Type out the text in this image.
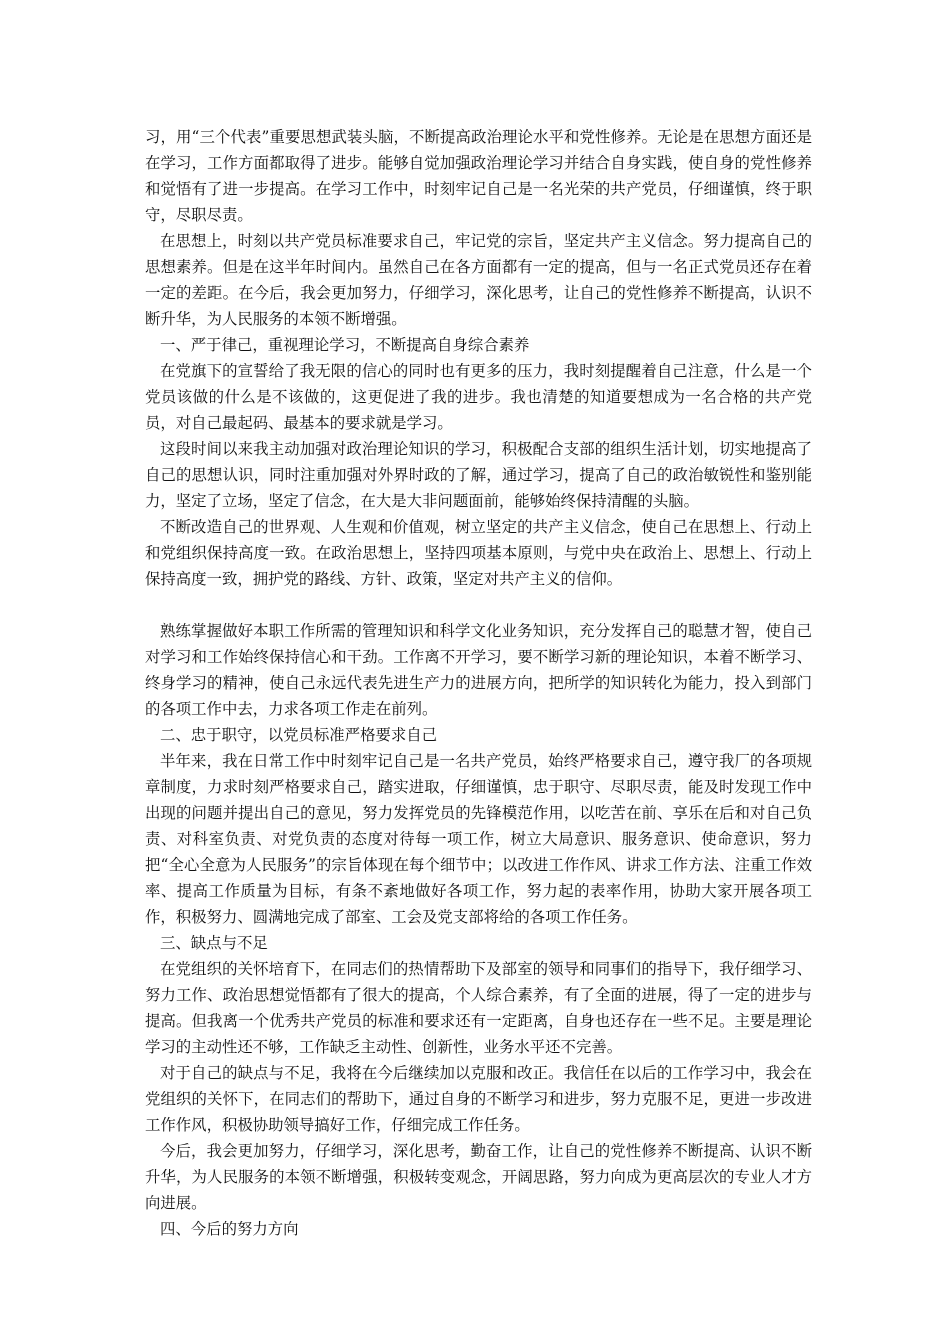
习，用“三个代表”重要思想武装头脑，不断提高政治理论水平和党性修养。无论是在思想方面还是在学习，工作方面都取得了进步。能够自觉加强政治理论学习并结合自身实践，使自身的党性修养和觉悟有了进一步提高。在学习工作中，时刻牢记自己是一名光荣的共产党员，仔细谨慎，终于职守，尽职尽责。

在思想上，时刻以共产党员标准要求自己，牢记党的宗旨，坚定共产主义信念。努力提高自己的思想素养。但是在这半年时间内。虽然自己在各方面都有一定的提高，但与一名正式党员还存在着一定的差距。在今后，我会更加努力，仔细学习，深化思考，让自己的党性修养不断提高，认识不断升华，为人民服务的本领不断增强。

一、严于律己，重视理论学习，不断提高自身综合素养

在党旗下的宣誓给了我无限的信心的同时也有更多的压力，我时刻提醒着自己注意，什么是一个党员该做的什么是不该做的，这更促进了我的进步。我也清楚的知道要想成为一名合格的共产党员，对自己最起码、最基本的要求就是学习。

这段时间以来我主动加强对政治理论知识的学习，积极配合支部的组织生活计划，切实地提高了自己的思想认识，同时注重加强对外界时政的了解，通过学习，提高了自己的政治敏锐性和鉴别能力，坚定了立场，坚定了信念，在大是大非问题面前，能够始终保持清醒的头脑。

不断改造自己的世界观、人生观和价值观，树立坚定的共产主义信念，使自己在思想上、行动上和党组织保持高度一致。在政治思想上，坚持四项基本原则，与党中央在政治上、思想上、行动上保持高度一致，拥护党的路线、方针、政策，坚定对共产主义的信仰。

熟练掌握做好本职工作所需的管理知识和科学文化业务知识，充分发挥自己的聪慧才智，使自己对学习和工作始终保持信心和干劲。工作离不开学习，要不断学习新的理论知识，本着不断学习、终身学习的精神，使自己永远代表先进生产力的进展方向，把所学的知识转化为能力，投入到部门的各项工作中去，力求各项工作走在前列。

二、忠于职守，以党员标准严格要求自己

半年来，我在日常工作中时刻牢记自己是一名共产党员，始终严格要求自己，遵守我厂的各项规章制度，力求时刻严格要求自己，踏实进取，仔细谨慎，忠于职守、尽职尽责，能及时发现工作中出现的问题并提出自己的意见，努力发挥党员的先锋模范作用，以吃苦在前、享乐在后和对自己负责、对科室负责、对党负责的态度对待每一项工作，树立大局意识、服务意识、使命意识，努力把“全心全意为人民服务”的宗旨体现在每个细节中；以改进工作作风、讲求工作方法、注重工作效率、提高工作质量为目标，有条不紊地做好各项工作，努力起的表率作用，协助大家开展各项工作，积极努力、圆满地完成了部室、工会及党支部将给的各项工作任务。

三、缺点与不足

在党组织的关怀培育下，在同志们的热情帮助下及部室的领导和同事们的指导下，我仔细学习、努力工作、政治思想觉悟都有了很大的提高，个人综合素养，有了全面的进展，得了一定的进步与提高。但我离一个优秀共产党员的标准和要求还有一定距离，自身也还存在一些不足。主要是理论学习的主动性还不够，工作缺乏主动性、创新性，业务水平还不完善。

对于自己的缺点与不足，我将在今后继续加以克服和改正。我信任在以后的工作学习中，我会在党组织的关怀下，在同志们的帮助下，通过自身的不断学习和进步，努力克服不足，更进一步改进工作作风，积极协助领导搞好工作，仔细完成工作任务。

今后，我会更加努力，仔细学习，深化思考，勤奋工作，让自己的党性修养不断提高、认识不断升华，为人民服务的本领不断增强，积极转变观念，开阔思路，努力向成为更高层次的专业人才方向进展。

四、今后的努力方向
